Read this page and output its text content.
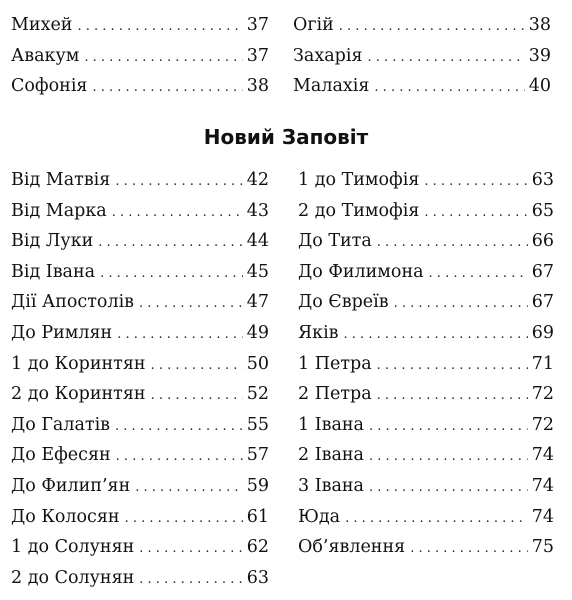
Михей . . .	37
Авакум . . .	37
Софонія . . .	38
Огій . . .	38
Захарія . . .	39
Малахія . . .	40
Новий Заповіт
Від Матвія . . .	42
Від Марка . . .	43
Від Луки . . .	44
Від Івана . . .	45
Дії Апостолів . . .	47
До Римлян . . .	49
1 до Коринтян . . .	50
2 до Коринтян . . .	52
До Галатів . . .	55
До Ефесян . . .	57
До Филип’ян . . .	59
До Колосян . . .	61
1 до Солунян . . .	62
2 до Солунян . . .	63
1 до Тимофія . . .	63
2 до Тимофія . . .	65
До Тита . . .	66
До Филимона . . .	67
До Євреїв . . .	67
Яків . . .	69
1 Петра . . .	71
2 Петра . . .	72
1 Івана . . .	72
2 Івана . . .	74
3 Івана . . .	74
Юда . . .	74
Об’явлення . . .	75
